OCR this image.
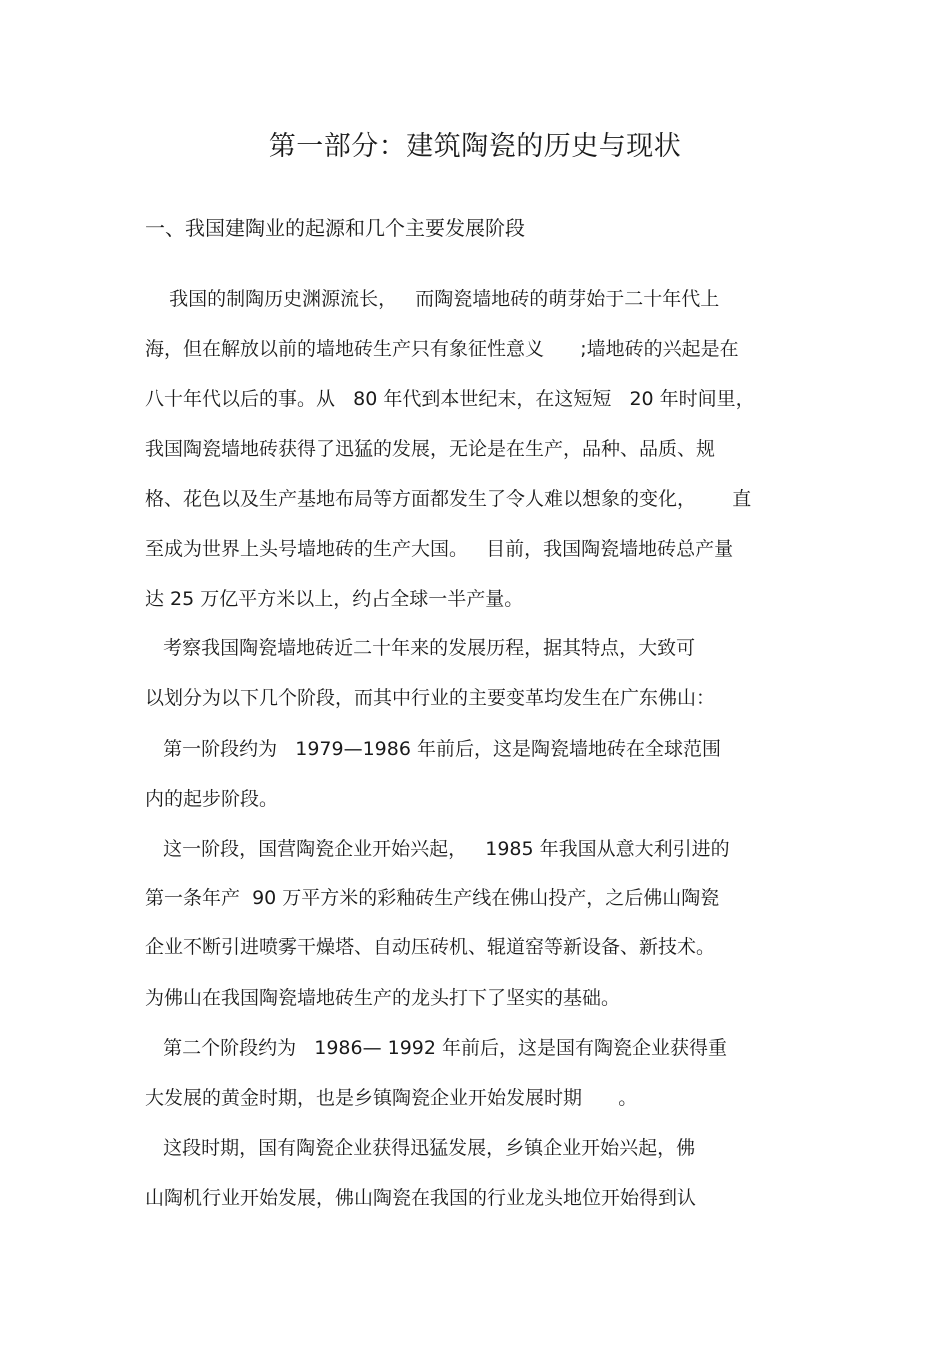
第一部分：建筑陶瓷的历史与现状
一、我国建陶业的起源和几个主要发展阶段
我国的制陶历史渊源流长，   而陶瓷墙地砖的萌芽始于二十年代上
海，但在解放以前的墙地砖生产只有象征性意义      ;墙地砖的兴起是在
八十年代以后的事。从   80 年代到本世纪末，在这短短   20 年时间里，
我国陶瓷墙地砖获得了迅猛的发展，无论是在生产，品种、品质、规
格、花色以及生产基地布局等方面都发生了令人难以想象的变化，      直
至成为世界上头号墙地砖的生产大国。   目前，我国陶瓷墙地砖总产量
达 25 万亿平方米以上，约占全球一半产量。
考察我国陶瓷墙地砖近二十年来的发展历程，据其特点，大致可
以划分为以下几个阶段，而其中行业的主要变革均发生在广东佛山：
第一阶段约为   1979—1986 年前后，这是陶瓷墙地砖在全球范围
内的起步阶段。
这一阶段，国营陶瓷企业开始兴起，   1985 年我国从意大利引进的
第一条年产  90 万平方米的彩釉砖生产线在佛山投产，之后佛山陶瓷
企业不断引进喷雾干燥塔、自动压砖机、辊道窑等新设备、新技术。
为佛山在我国陶瓷墙地砖生产的龙头打下了坚实的基础。
第二个阶段约为   1986— 1992 年前后，这是国有陶瓷企业获得重
大发展的黄金时期，也是乡镇陶瓷企业开始发展时期      。
这段时期，国有陶瓷企业获得迅猛发展，乡镇企业开始兴起，佛
山陶机行业开始发展，佛山陶瓷在我国的行业龙头地位开始得到认
